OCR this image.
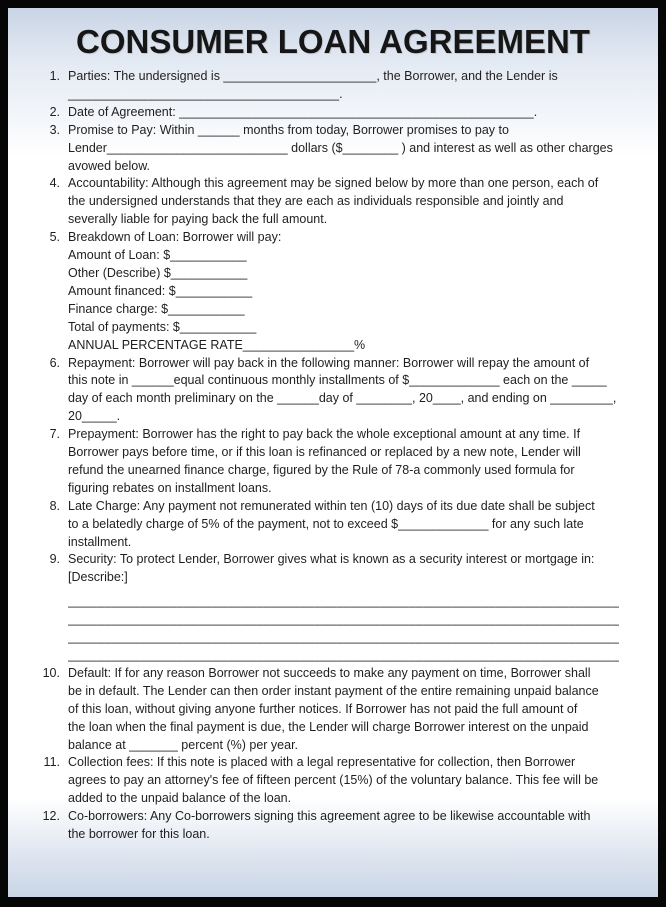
CONSUMER LOAN AGREEMENT
1. Parties: The undersigned is ______________________, the Borrower, and the Lender is
_______________________________________.
2. Date of Agreement: ___________________________________________________.
3. Promise to Pay: Within ______ months from today, Borrower promises to pay to
Lender__________________________ dollars ($________ ) and interest as well as other charges
avowed below.
4. Accountability: Although this agreement may be signed below by more than one person, each of
the undersigned understands that they are each as individuals responsible and jointly and
severally liable for paying back the full amount.
5. Breakdown of Loan: Borrower will pay:
Amount of Loan: $___________
Other (Describe) $___________
Amount financed: $___________
Finance charge: $___________
Total of payments: $___________
ANNUAL PERCENTAGE RATE________________%
6. Repayment: Borrower will pay back in the following manner: Borrower will repay the amount of
this note in ______equal continuous monthly installments of $_____________ each on the _____
day of each month preliminary on the ______day of ________, 20____, and ending on _________,
20_____.
7. Prepayment: Borrower has the right to pay back the whole exceptional amount at any time. If
Borrower pays before time, or if this loan is refinanced or replaced by a new note, Lender will
refund the unearned finance charge, figured by the Rule of 78-a commonly used formula for
figuring rebates on installment loans.
8. Late Charge: Any payment not remunerated within ten (10) days of its due date shall be subject
to a belatedly charge of 5% of the payment, not to exceed $_____________ for any such late
installment.
9. Security: To protect Lender, Borrower gives what is known as a security interest or mortgage in:
[Describe:]
____________________________________________________________________________
____________________________________________________________________________
____________________________________________________________________________
____________________________________________________________________________
10. Default: If for any reason Borrower not succeeds to make any payment on time, Borrower shall
be in default. The Lender can then order instant payment of the entire remaining unpaid balance
of this loan, without giving anyone further notices. If Borrower has not paid the full amount of
the loan when the final payment is due, the Lender will charge Borrower interest on the unpaid
balance at _______ percent (%) per year.
11. Collection fees: If this note is placed with a legal representative for collection, then Borrower
agrees to pay an attorney's fee of fifteen percent (15%) of the voluntary balance. This fee will be
added to the unpaid balance of the loan.
12. Co-borrowers: Any Co-borrowers signing this agreement agree to be likewise accountable with
the borrower for this loan.
